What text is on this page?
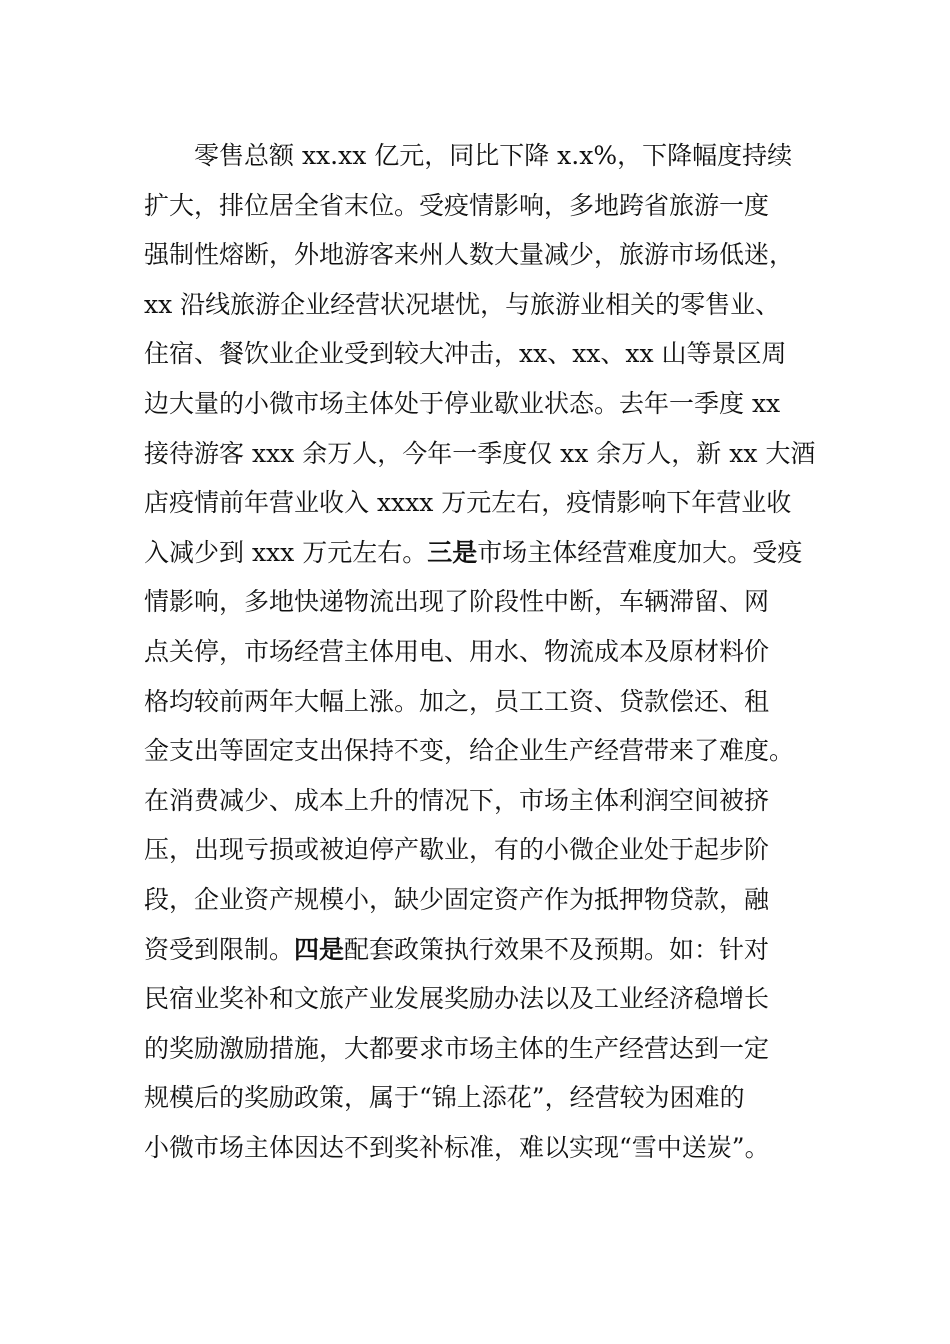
零售总额 xx.xx 亿元，同比下降 x.x%，下降幅度持续
扩大，排位居全省末位。受疫情影响，多地跨省旅游一度
强制性熔断，外地游客来州人数大量减少，旅游市场低迷，
xx 沿线旅游企业经营状况堪忧，与旅游业相关的零售业、
住宿、餐饮业企业受到较大冲击，xx、xx、xx 山等景区周
边大量的小微市场主体处于停业歇业状态。去年一季度 xx
接待游客 xxx 余万人，今年一季度仅 xx 余万人，新 xx 大酒
店疫情前年营业收入 xxxx 万元左右，疫情影响下年营业收
入减少到 xxx 万元左右。三是市场主体经营难度加大。受疫
情影响，多地快递物流出现了阶段性中断，车辆滞留、网
点关停，市场经营主体用电、用水、物流成本及原材料价
格均较前两年大幅上涨。加之，员工工资、贷款偿还、租
金支出等固定支出保持不变，给企业生产经营带来了难度。
在消费减少、成本上升的情况下，市场主体利润空间被挤
压，出现亏损或被迫停产歇业，有的小微企业处于起步阶
段，企业资产规模小，缺少固定资产作为抵押物贷款，融
资受到限制。四是配套政策执行效果不及预期。如：针对
民宿业奖补和文旅产业发展奖励办法以及工业经济稳增长
的奖励激励措施，大都要求市场主体的生产经营达到一定
规模后的奖励政策，属于“锦上添花”，经营较为困难的
小微市场主体因达不到奖补标准，难以实现“雪中送炭”。
